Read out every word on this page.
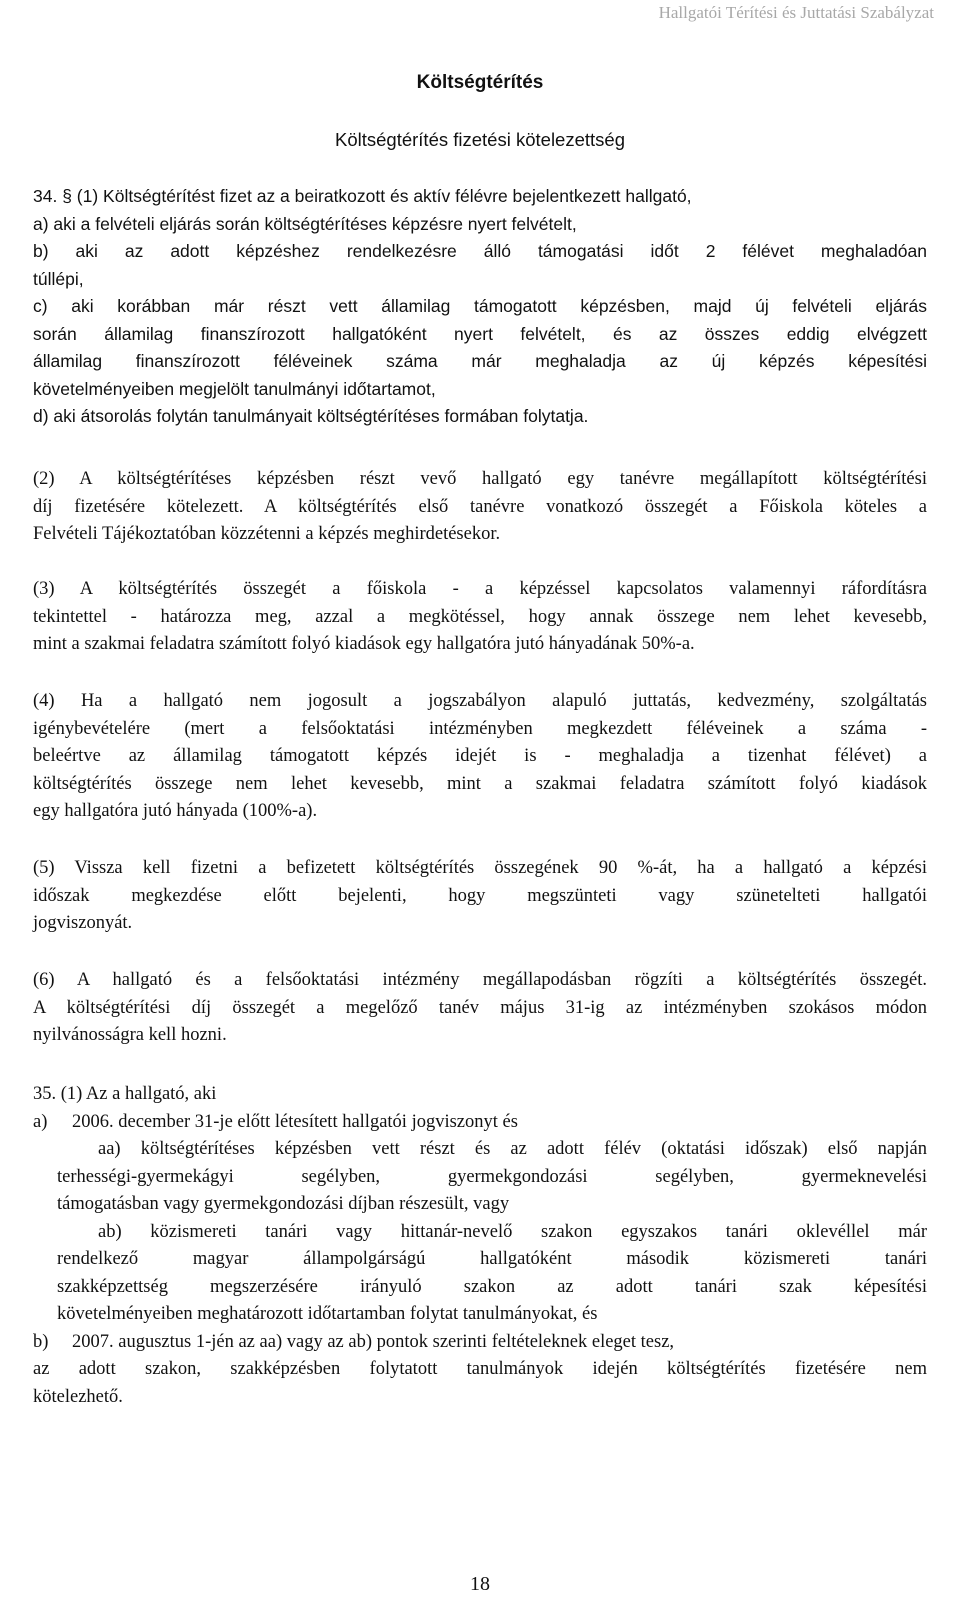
Hallgatói Térítési és Juttatási Szabályzat
Költségtérítés
Költségtérítés fizetési kötelezettség
34. § (1) Költségtérítést fizet az a beiratkozott és aktív félévre bejelentkezett hallgató,
a) aki a felvételi eljárás során költségtérítéses képzésre nyert felvételt,
b) aki az adott képzéshez rendelkezésre álló támogatási időt 2 félévet meghaladóan
túllépi,
c) aki korábban már részt vett államilag támogatott képzésben, majd új felvételi eljárás
során államilag finanszírozott hallgatóként nyert felvételt, és az összes eddig elvégzett
államilag finanszírozott féléveinek száma már meghaladja az új képzés képesítési
követelményeiben megjelölt tanulmányi időtartamot,
d) aki átsorolás folytán tanulmányait költségtérítéses formában folytatja.
(2) A költségtérítéses képzésben részt vevő hallgató egy tanévre megállapított költségtérítési
díj fizetésére kötelezett. A költségtérítés első tanévre vonatkozó összegét a Főiskola köteles a
Felvételi Tájékoztatóban közzétenni a képzés meghirdetésekor.
(3) A költségtérítés összegét a főiskola - a képzéssel kapcsolatos valamennyi ráfordításra
tekintettel - határozza meg, azzal a megkötéssel, hogy annak összege nem lehet kevesebb,
mint a szakmai feladatra számított folyó kiadások egy hallgatóra jutó hányadának 50%-a.
(4) Ha a hallgató nem jogosult a jogszabályon alapuló juttatás, kedvezmény, szolgáltatás
igénybevételére (mert a felsőoktatási intézményben megkezdett féléveinek a száma -
beleértve az államilag támogatott képzés idejét is - meghaladja a tizenhat félévet) a
költségtérítés összege nem lehet kevesebb, mint a szakmai feladatra számított folyó kiadások
egy hallgatóra jutó hányada (100%-a).
(5) Vissza kell fizetni a befizetett költségtérítés összegének 90 %-át, ha a hallgató a képzési
időszak megkezdése előtt bejelenti, hogy megszünteti vagy szünetelteti hallgatói
jogviszonyát.
(6) A hallgató és a felsőoktatási intézmény megállapodásban rögzíti a költségtérítés összegét.
A költségtérítési díj összegét a megelőző tanév május 31-ig az intézményben szokásos módon
nyilvánosságra kell hozni.
35. (1) Az a hallgató, aki
a) 2006. december 31-je előtt létesített hallgatói jogviszonyt és
aa) költségtérítéses képzésben vett részt és az adott félév (oktatási időszak) első napján
terhességi-gyermekágyi segélyben, gyermekgondozási segélyben, gyermeknevelési
támogatásban vagy gyermekgondozási díjban részesült, vagy
ab) közismereti tanári vagy hittanár-nevelő szakon egyszakos tanári oklevéllel már
rendelkező magyar állampolgárságú hallgatóként második közismereti tanári
szakképzettség megszerzésére irányuló szakon az adott tanári szak képesítési
követelményeiben meghatározott időtartamban folytat tanulmányokat, és
b) 2007. augusztus 1-jén az aa) vagy az ab) pontok szerinti feltételeknek eleget tesz,
az adott szakon, szakképzésben folytatott tanulmányok idején költségtérítés fizetésére nem
kötelezhető.
18
